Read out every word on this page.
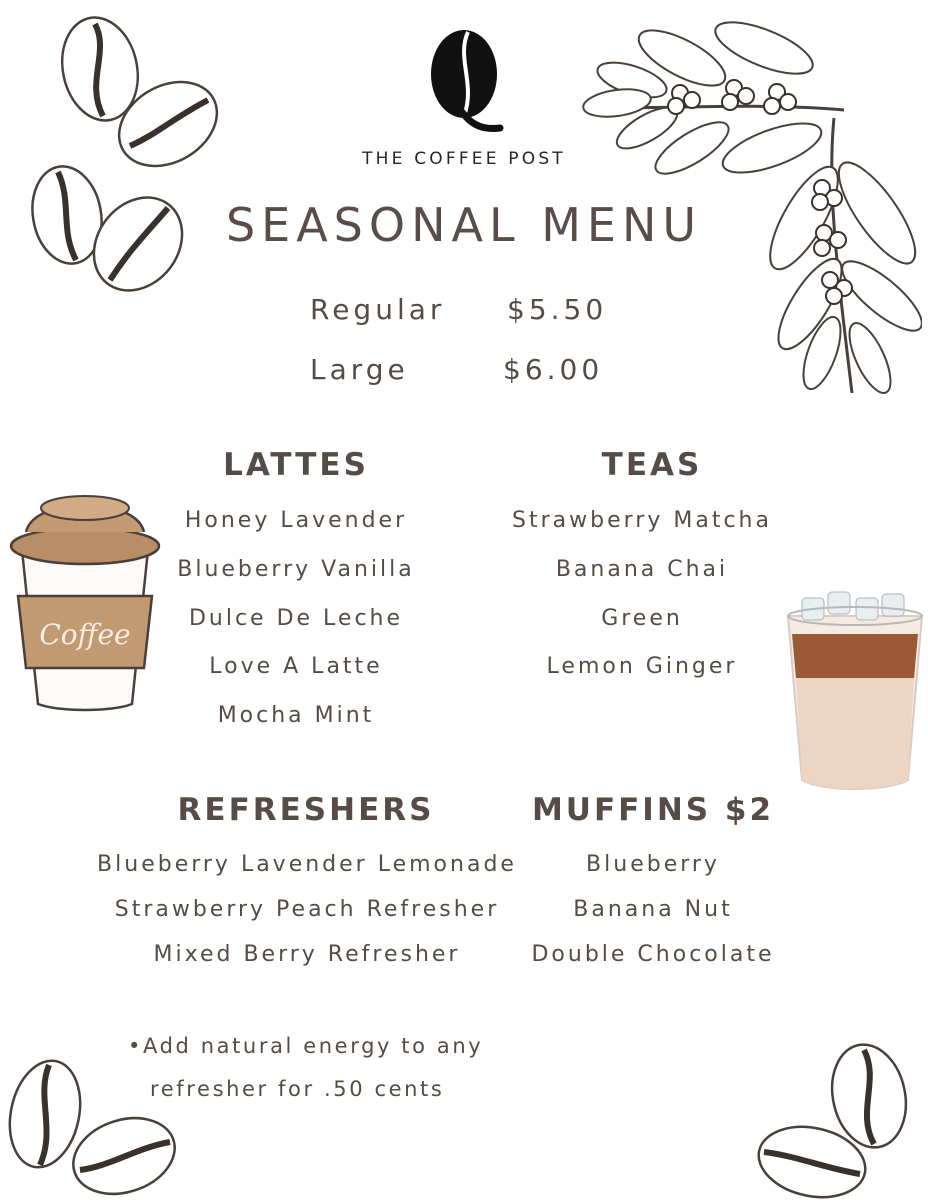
THE COFFEE POST
SEASONAL MENU
Regular $5.50
Large	$6.00
Coffee
LATTES
Honey Lavender
Blueberry Vanilla
Dulce De Leche
Love A Latte
Mocha Mint
TEAS
Strawberry Matcha
Banana Chai
Green
Lemon Ginger
REFRESHERS
Blueberry Lavender Lemonade
Strawberry Peach Refresher
Mixed Berry Refresher
MUFFINS $2
Blueberry
Banana Nut
Double Chocolate
•Add natural energy to any
refresher for .50 cents
